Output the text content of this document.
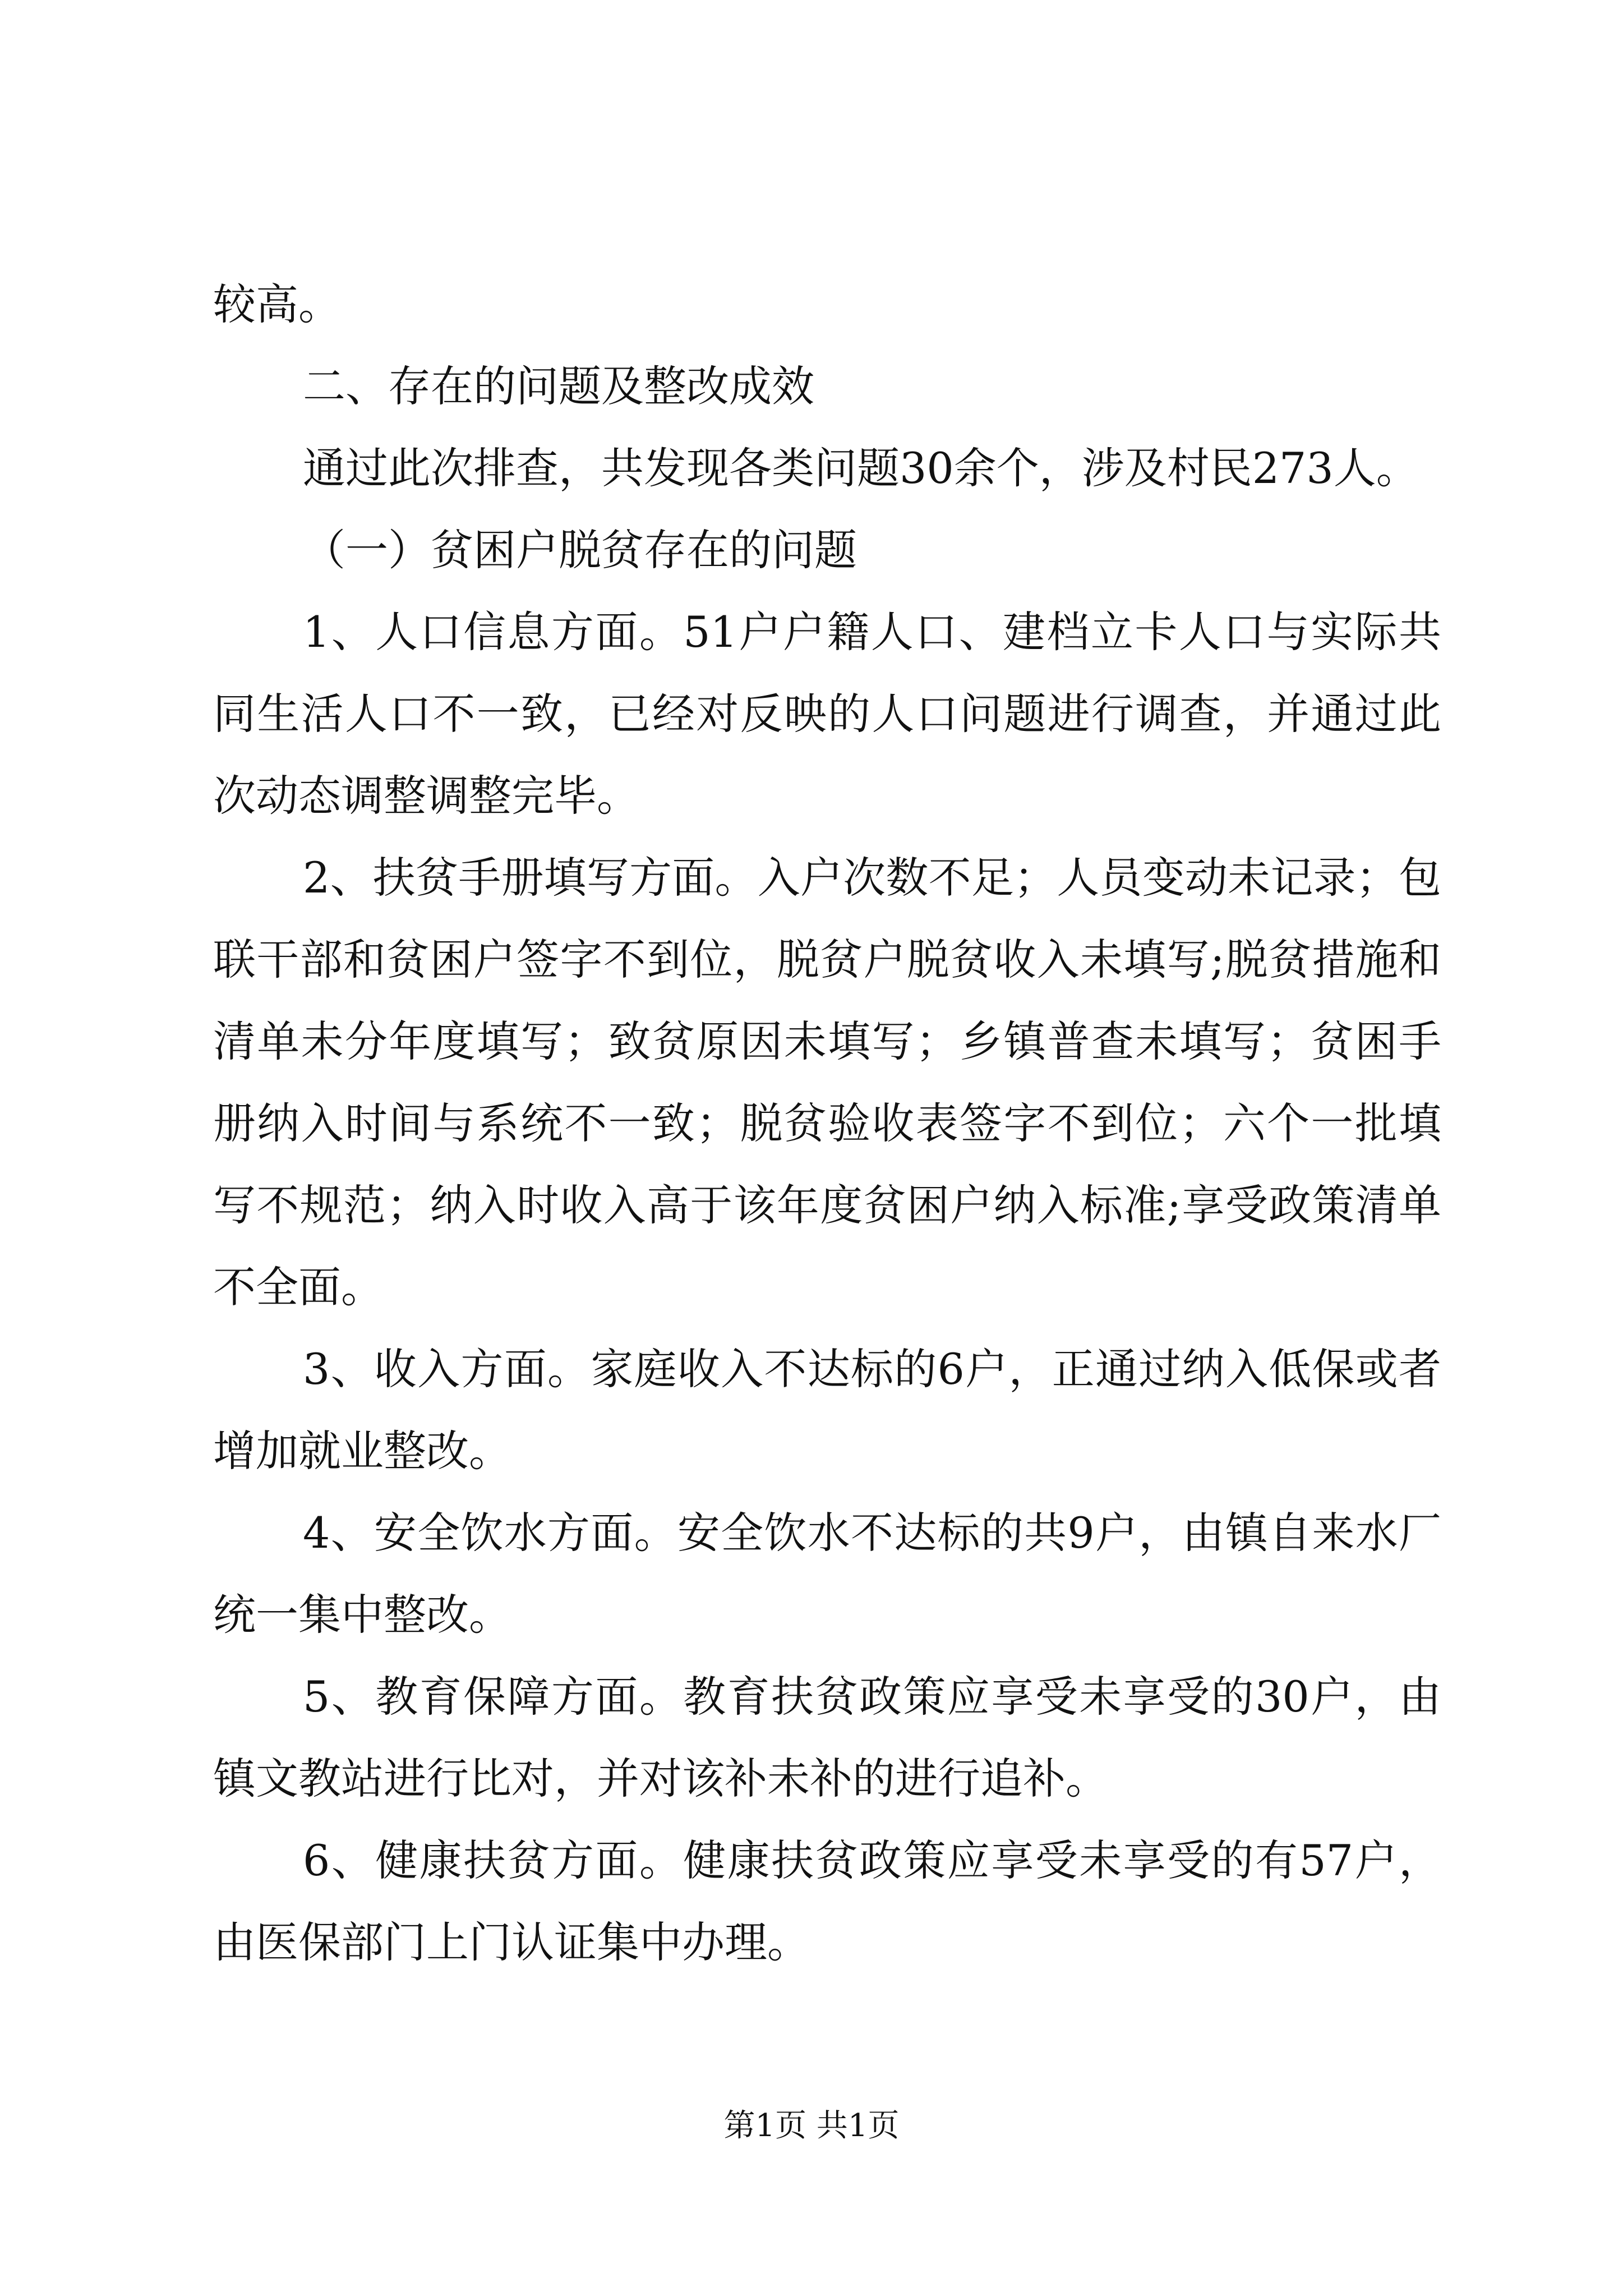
较高。

二、存在的问题及整改成效

通过此次排查，共发现各类问题30余个，涉及村民273人。

（一）贫困户脱贫存在的问题

1、人口信息方面。51户户籍人口、建档立卡人口与实际共同生活人口不一致，已经对反映的人口问题进行调查，并通过此次动态调整调整完毕。

2、扶贫手册填写方面。入户次数不足；人员变动未记录；包联干部和贫困户签字不到位，脱贫户脱贫收入未填写;脱贫措施和清单未分年度填写；致贫原因未填写；乡镇普查未填写；贫困手册纳入时间与系统不一致；脱贫验收表签字不到位；六个一批填写不规范；纳入时收入高于该年度贫困户纳入标准;享受政策清单不全面。

3、收入方面。家庭收入不达标的6户，正通过纳入低保或者增加就业整改。

4、安全饮水方面。安全饮水不达标的共9户，由镇自来水厂统一集中整改。

5、教育保障方面。教育扶贫政策应享受未享受的30户，由镇文教站进行比对，并对该补未补的进行追补。

6、健康扶贫方面。健康扶贫政策应享受未享受的有57户，由医保部门上门认证集中办理。

第1页 共1页
